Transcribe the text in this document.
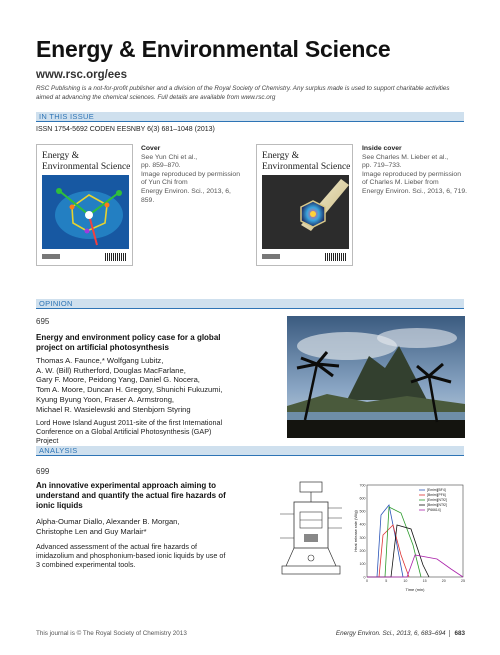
Energy & Environmental Science
www.rsc.org/ees
RSC Publishing is a not-for-profit publisher and a division of the Royal Society of Chemistry. Any surplus made is used to support charitable activities aimed at advancing the chemical sciences. Full details are available from www.rsc.org
IN THIS ISSUE
ISSN 1754-5692 CODEN EESNBY 6(3) 681–1048 (2013)
Energy &
Environmental Science
Cover
See Yun Chi et al.,
pp. 859–870.
Image reproduced by permission
of Yun Chi from
Energy Environ. Sci., 2013, 6, 859.
Energy &
Environmental Science
Inside cover
See Charles M. Lieber et al.,
pp. 719–733.
Image reproduced by permission
of Charles M. Lieber from
Energy Environ. Sci., 2013, 6, 719.
OPINION
695
Energy and environment policy case for a global
project on artificial photosynthesis
Thomas A. Faunce,* Wolfgang Lubitz,
A. W. (Bill) Rutherford, Douglas MacFarlane,
Gary F. Moore, Peidong Yang, Daniel G. Nocera,
Tom A. Moore, Duncan H. Gregory, Shunichi Fukuzumi,
Kyung Byung Yoon, Fraser A. Armstrong,
Michael R. Wasielewski and Stenbjorn Styring
Lord Howe Island August 2011-site of the first International
Conference on a Global Artificial Photosynthesis (GAP)
Project
ANALYSIS
699
An innovative experimental approach aiming to
understand and quantify the actual fire hazards of
ionic liquids
Alpha-Oumar Diallo, Alexander B. Morgan,
Christophe Len and Guy Marlair*
Advanced assessment of the actual fire hazards of
imidazolium and phosphonium-based ionic liquids by use of
3 combined experimental tools.
0
100
200
300
400
500
600
700
0	5	10	15	20	25
[Emim][BF4]
[Bmim][PF6]
[Emim][NTf2]
[Bmim][NTf2]
[P66614]
Time (min)
Heat release rate (W/g)
This journal is © The Royal Society of Chemistry 2013	Energy Environ. Sci., 2013, 6, 683–694 683
